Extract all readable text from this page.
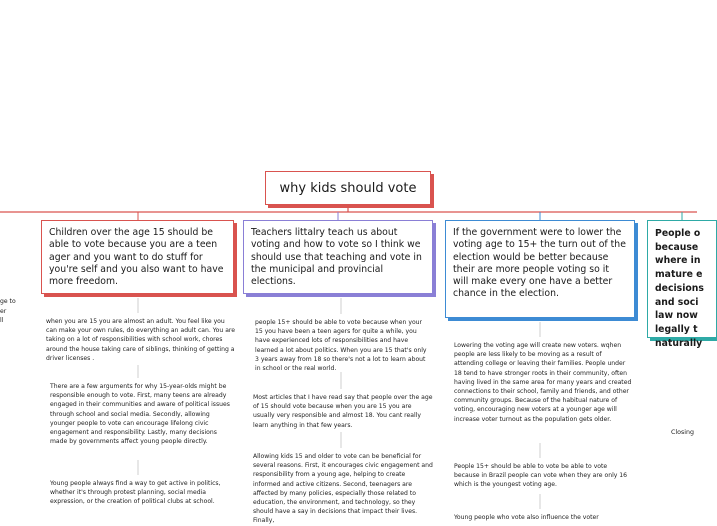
why kids should vote
Children over the age 15 should be able to vote because you are a teen ager and you want to do stuff for you're self and you also want to have more freedom.
Teachers littalry teach us about voting and how to vote so I think we should use that teaching and vote in the municipal and provincial elections.
If the government were to lower the voting age to 15+ the turn out of the election would be better because their are more people voting so it will make every one have a better chance in the election.
People o
because
where in
mature e
decisions
and soci
law now
legally t
naturally
when you are 15 you are almost an adult. You feel like you can make your own rules, do everything an adult can. You are taking on a lot of responsibilities with school work, chores around the house taking care of siblings, thinking of getting a driver licenses .
There are a few arguments for why 15-year-olds might be responsible enough to vote. First, many teens are already engaged in their communities and aware of political issues through school and social media. Secondly, allowing younger people to vote can encourage lifelong civic engagement and responsibility. Lastly, many decisions made by governments affect young people directly.
Young people always find a way to get active in politics, whether it's through protest planning, social media expression, or the creation of political clubs at school.
people 15+ should be able to vote because when your 15 you have been a teen agers for quite a while, you have experienced lots of responsibilities and have learned a lot about politics. When you are 15 that's only 3 years away from 18 so there's not a lot to learn about in school or the real world.
Most articles that I have read say that people over the age of 15 should vote because when you are 15 you are usually very responsible and almost 18. You cant really learn anything in that few years.
Allowing kids 15 and older to vote can be beneficial for several reasons. First, it encourages civic engagement and responsibility from a young age, helping to create informed and active citizens. Second, teenagers are affected by many policies, especially those related to education, the environment, and technology, so they should have a say in decisions that impact their lives. Finally,
Lowering the voting age will create new voters. wqhen people are less likely to be moving as a result of attending college or leaving their families. People under 18 tend to have stronger roots in their community, often having lived in the same area for many years and created connections to their school, family and friends, and other community groups. Because of the habitual nature of voting, encouraging new voters at a younger age will increase voter turnout as the population gets older.
People 15+ should be able to vote be able to vote because in Brazil people can vote when they are only 16 which is the youngest voting age.
Young people who vote also influence the voter
ge to
er
ll
Closing
